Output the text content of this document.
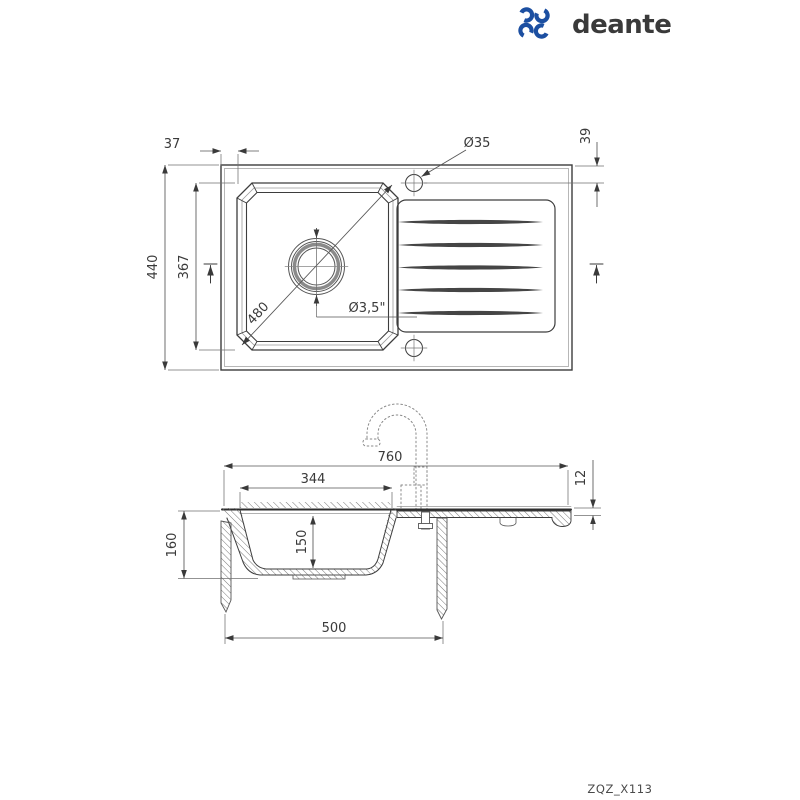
deante
37	Ø35	39
440 367
480	Ø3,5"
760
344
150
160
500
12
ZQZ_X113
